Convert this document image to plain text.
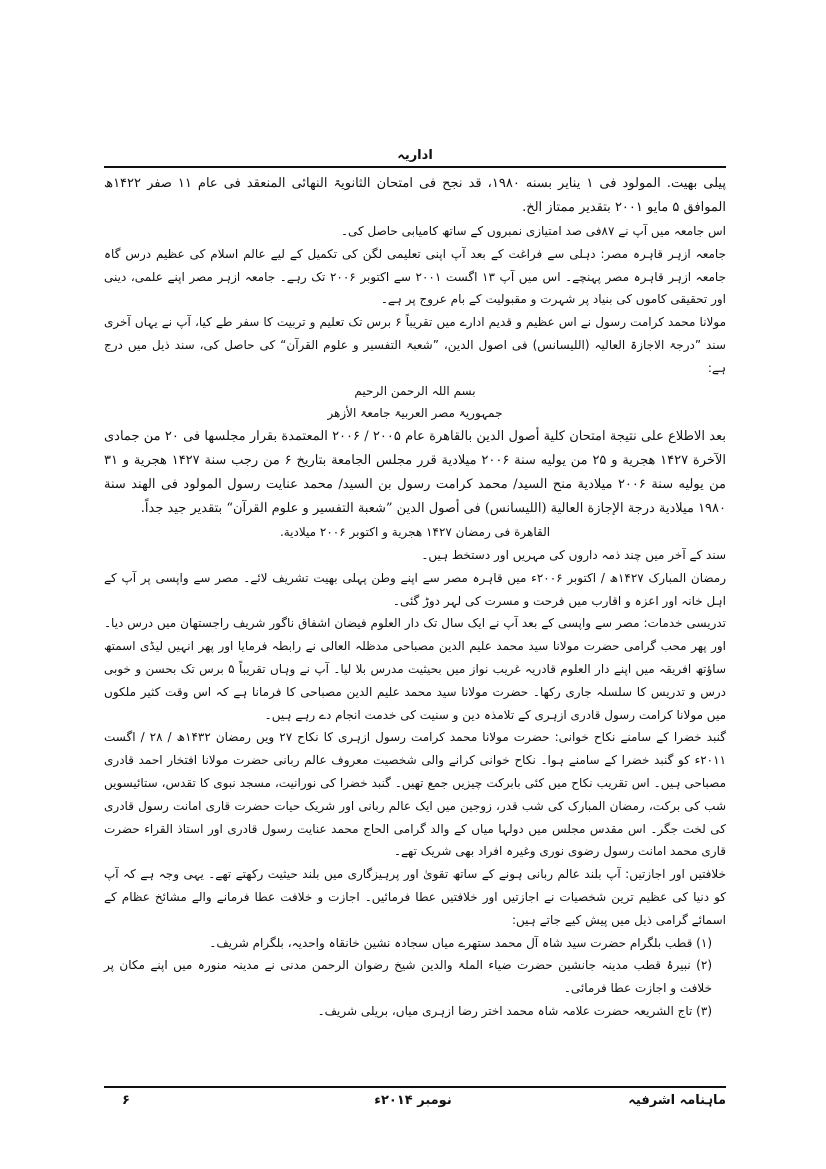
اداریہ

پیلی بھیت. المولود فی ۱ ینایر بسنه ۱۹۸۰، قد نجح فی امتحان الثانویۃ النهائی المنعقد فی عام ۱۱ صفر ۱۴۲۲ھ الموافق ۵ مایو ۲۰۰۱ بتقدیر ممتاز الخ.

اس جامعہ میں آپ نے ۸۷فی صد امتیازی نمبروں کے ساتھ کامیابی حاصل کی۔

جامعہ ازہر قاہرہ مصر: دہلی سے فراغت کے بعد آپ اپنی تعلیمی لگن کی تکمیل کے لیے عالم اسلام کی عظیم درس گاہ جامعہ ازہر قاہرہ مصر پہنچے۔ اس میں آپ ۱۳ اگست ۲۰۰۱ سے اکتوبر ۲۰۰۶ تک رہے۔ جامعہ ازہر مصر اپنے علمی، دینی اور تحقیقی کاموں کی بنیاد پر شہرت و مقبولیت کے بام عروج پر ہے۔

مولانا محمد کرامت رسول نے اس عظیم و قدیم ادارے میں تقریباً ۶ برس تک تعلیم و تربیت کا سفر طے کیا، آپ نے یہاں آخری سند ”درجۃ الاجازۃ العالیہ (اللیسانس) فی اصول الدین، ”شعبۃ التفسیر و علوم القرآن“ کی حاصل کی، سند ذیل میں درج ہے:

بسم اللہ الرحمن الرحیم

جمہوریۃ مصر العربیۃ جامعۃ الأزھر

بعد الاطلاع علی نتیجة امتحان کلیة أصول الدین بالقاهرة عام ۲۰۰۵ / ۲۰۰۶ المعتمدة بقرار مجلسها فی ۲۰ من جمادی الآخرة ۱۴۲۷ هجریة و ۲۵ من یولیه سنة ۲۰۰۶ میلادیة قرر مجلس الجامعة بتاریخ ۶ من رجب سنة ۱۴۲۷ هجریة و ۳۱ من یولیه سنة ۲۰۰۶ میلادیة منح السید/ محمد کرامت رسول بن السید/ محمد عنایت رسول المولود فی الهند سنة ۱۹۸۰ میلادیة درجة الإجازة العالیة (اللیسانس) فی أصول الدین ”شعبة التفسیر و علوم القرآن“ بتقدیر جید جداً.

القاهرة فی رمضان ۱۴۲۷ هجریة و اکتوبر ۲۰۰۶ میلادیة.

سند کے آخر میں چند ذمہ داروں کی مہریں اور دستخط ہیں۔

رمضان المبارک ۱۴۲۷ھ / اکتوبر ۲۰۰۶ء میں قاہرہ مصر سے اپنے وطن پہلی بھیت تشریف لائے۔ مصر سے واپسی پر آپ کے اہل خانہ اور اعزہ و اقارب میں فرحت و مسرت کی لہر دوڑ گئی۔

تدریسی خدمات: مصر سے واپسی کے بعد آپ نے ایک سال تک دار العلوم فیضان اشفاق ناگور شریف راجستھان میں درس دیا۔ اور پھر محب گرامی حضرت مولانا سید محمد علیم الدین مصباحی مدظلہ العالی نے رابطہ فرمایا اور پھر انہیں لیڈی اسمتھ ساؤتھ افریقہ میں اپنے دار العلوم قادریہ غریب نواز میں بحیثیت مدرس بلا لیا۔ آپ نے وہاں تقریباً ۵ برس تک بحسن و خوبی درس و تدریس کا سلسلہ جاری رکھا۔ حضرت مولانا سید محمد علیم الدین مصباحی کا فرمانا ہے کہ اس وقت کثیر ملکوں میں مولانا کرامت رسول قادری ازہری کے تلامذہ دین و سنیت کی خدمت انجام دے رہے ہیں۔

گنبد خضرا کے سامنے نکاح خوانی: حضرت مولانا محمد کرامت رسول ازہری کا نکاح ۲۷ ویں رمضان ۱۴۳۲ھ / ۲۸ / اگست ۲۰۱۱ء کو گنبد خضرا کے سامنے ہوا۔ نکاح خوانی کرانے والی شخصیت معروف عالم ربانی حضرت مولانا افتخار احمد قادری مصباحی ہیں۔ اس تقریب نکاح میں کئی بابرکت چیزیں جمع تھیں۔ گنبد خضرا کی نورانیت، مسجد نبوی کا تقدس، ستائیسویں شب کی برکت، رمضان المبارک کی شب قدر، زوجین میں ایک عالم ربانی اور شریک حیات حضرت قاری امانت رسول قادری کی لخت جگر۔ اس مقدس مجلس میں دولہا میاں کے والد گرامی الحاج محمد عنایت رسول قادری اور استاذ القراء حضرت قاری محمد امانت رسول رضوی نوری وغیرہ افراد بھی شریک تھے۔

خلافتیں اور اجازتیں: آپ بلند عالم ربانی ہونے کے ساتھ تقویٰ اور پرہیزگاری میں بلند حیثیت رکھتے تھے۔ یہی وجہ ہے کہ آپ کو دنیا کی عظیم ترین شخصیات نے اجازتیں اور خلافتیں عطا فرمائیں۔ اجازت و خلافت عطا فرمانے والے مشائخ عظام کے اسمائے گرامی ذیل میں پیش کیے جاتے ہیں:

(۱) قطب بلگرام حضرت سید شاہ آل محمد ستھرے میاں سجادہ نشین خانقاہ واحدیہ، بلگرام شریف۔

(۲) نبیرۂ قطب مدینہ جانشین حضرت ضیاء الملۃ والدین شیخ رضوان الرحمن مدنی نے مدینہ منورہ میں اپنے مکان پر خلافت و اجازت عطا فرمائی۔

(۳) تاج الشریعہ حضرت علامہ شاہ محمد اختر رضا ازہری میاں، بریلی شریف۔

ماہنامہ اشرفیہ
نومبر ۲۰۱۴ء
۶
